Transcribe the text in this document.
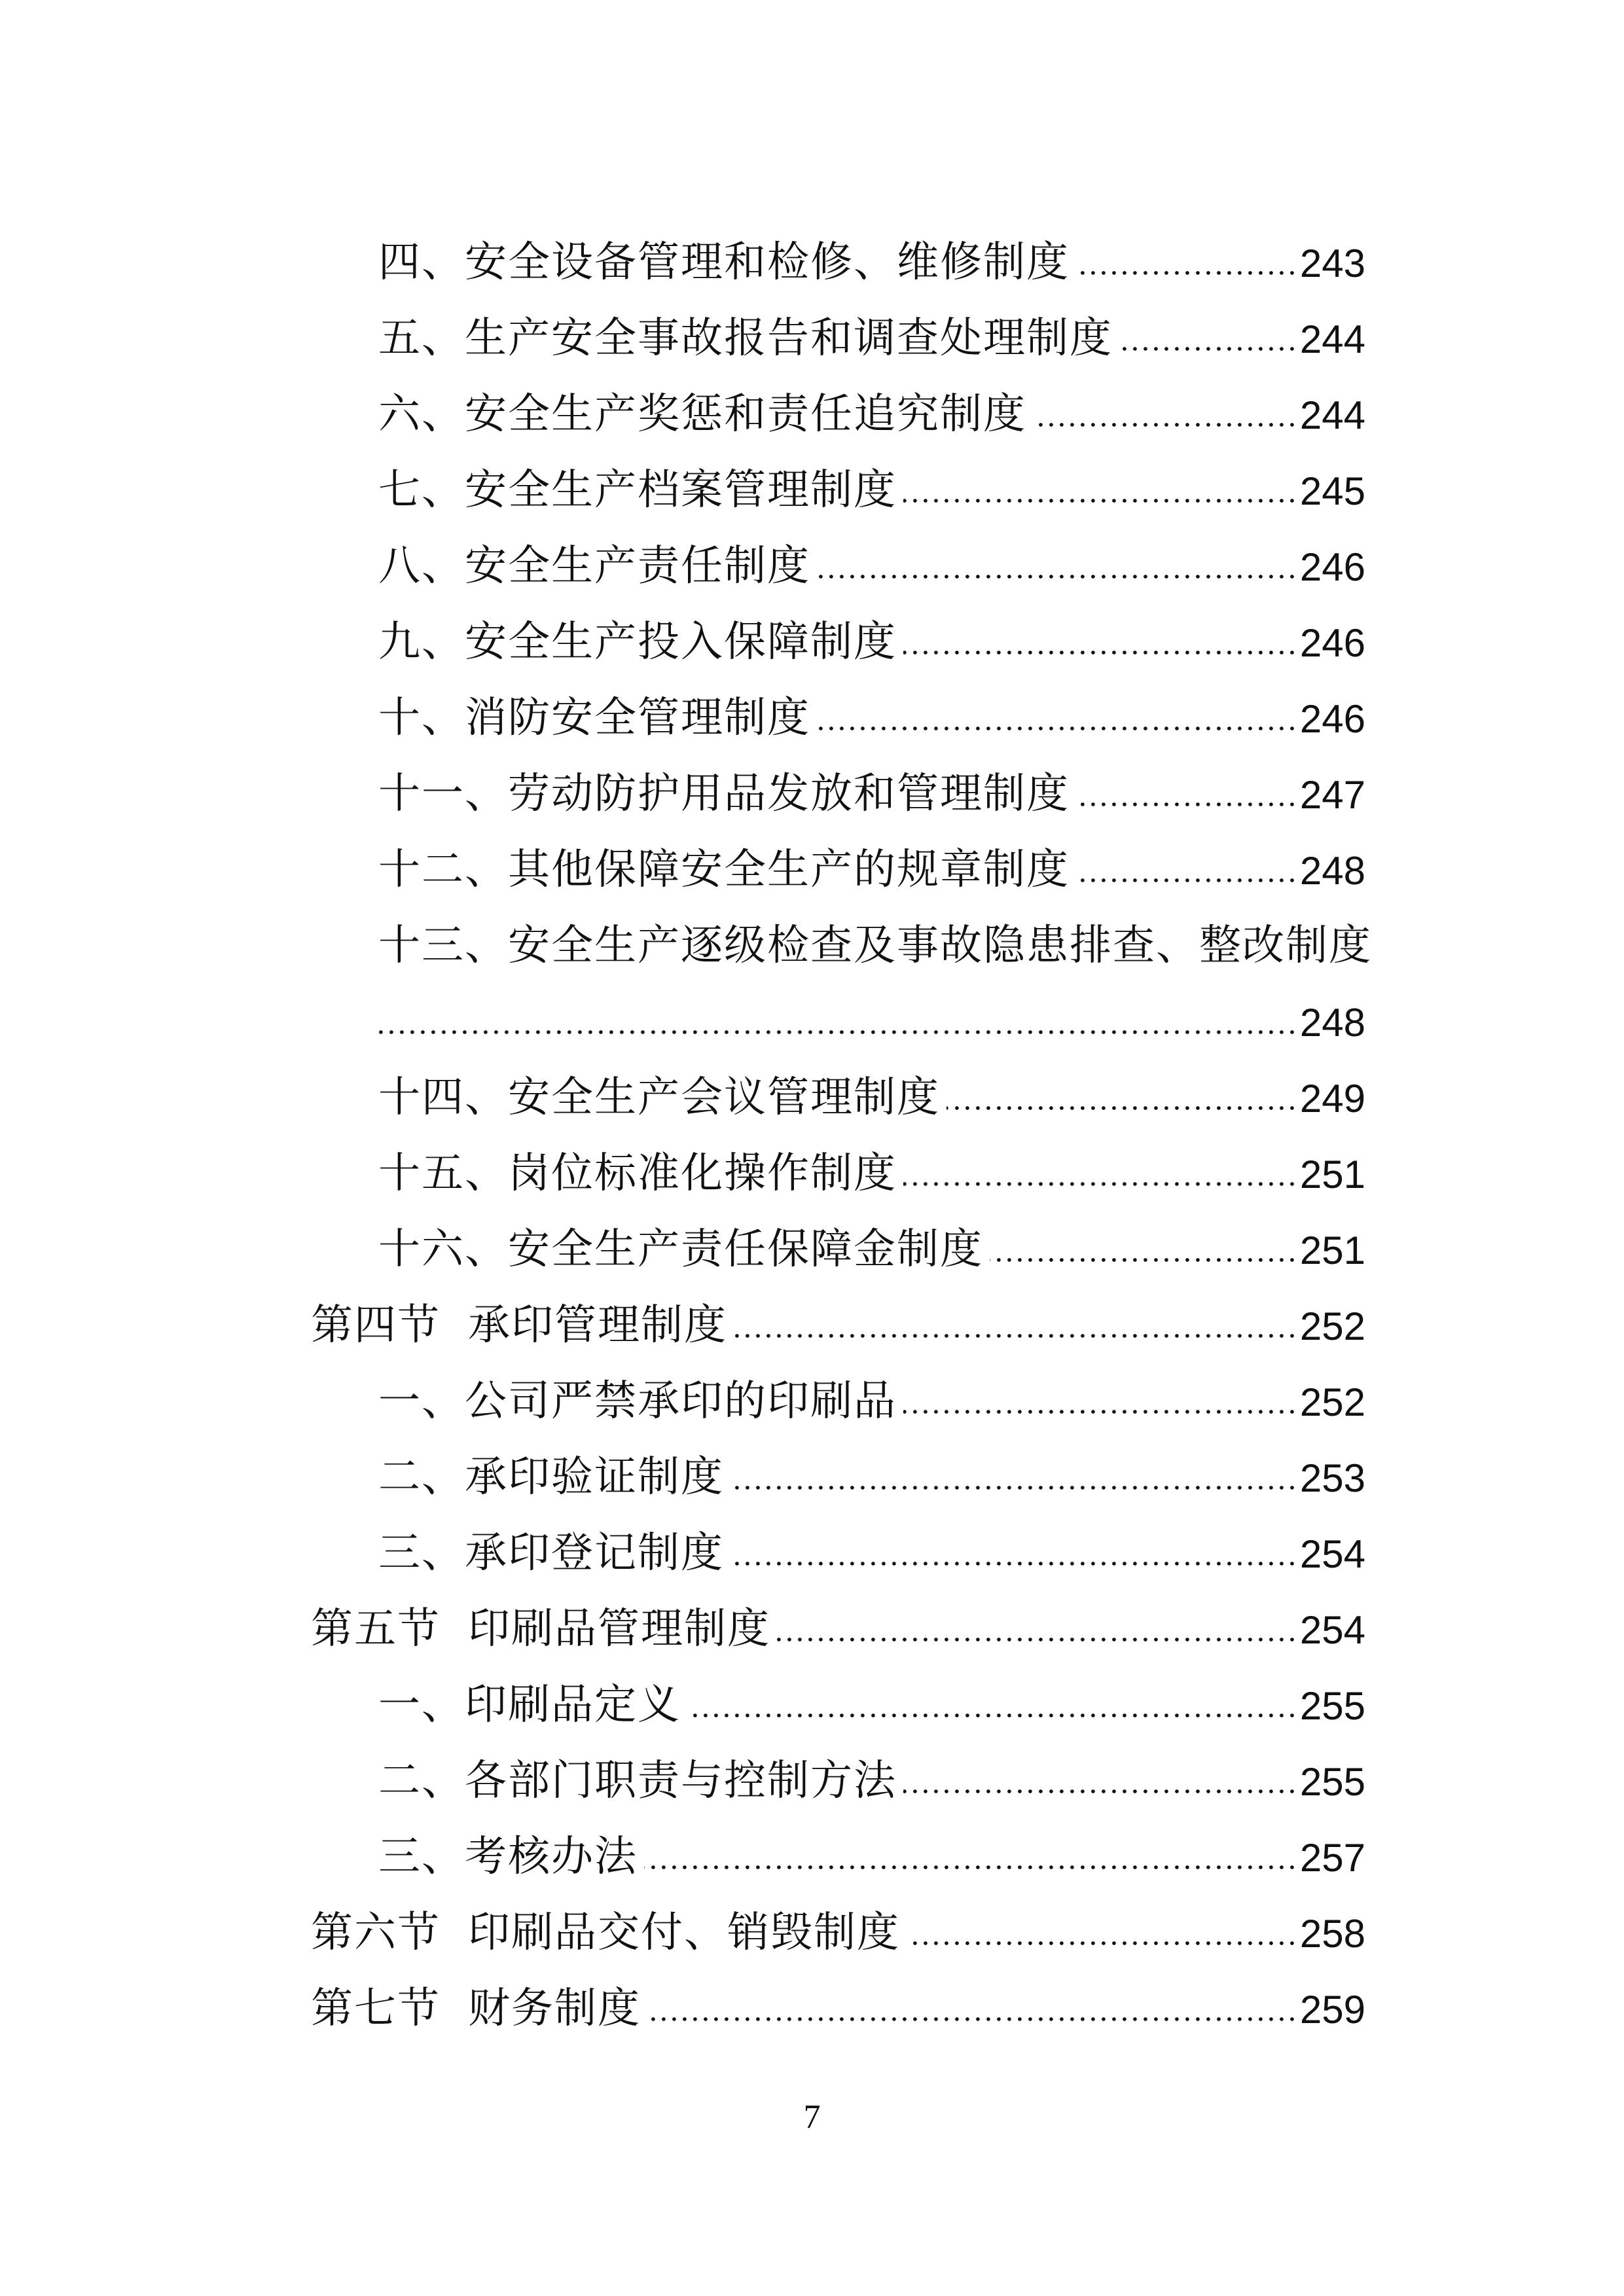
四、安全设备管理和检修、维修制度	243
五、生产安全事故报告和调查处理制度	244
六、安全生产奖惩和责任追究制度	244
七、安全生产档案管理制度	245
八、安全生产责任制度	246
九、安全生产投入保障制度	246
十、消防安全管理制度	246
十一、劳动防护用品发放和管理制度	247
十二、其他保障安全生产的规章制度	248
十三、安全生产逐级检查及事故隐患排查、整改制度
248
十四、安全生产会议管理制度	249
十五、岗位标准化操作制度	251
十六、安全生产责任保障金制度	251
第四节 承印管理制度	252
一、公司严禁承印的印刷品	252
二、承印验证制度	253
三、承印登记制度	254
第五节 印刷品管理制度	254
一、印刷品定义	255
二、各部门职责与控制方法	255
三、考核办法	257
第六节 印刷品交付、销毁制度	258
第七节 财务制度	259
7
